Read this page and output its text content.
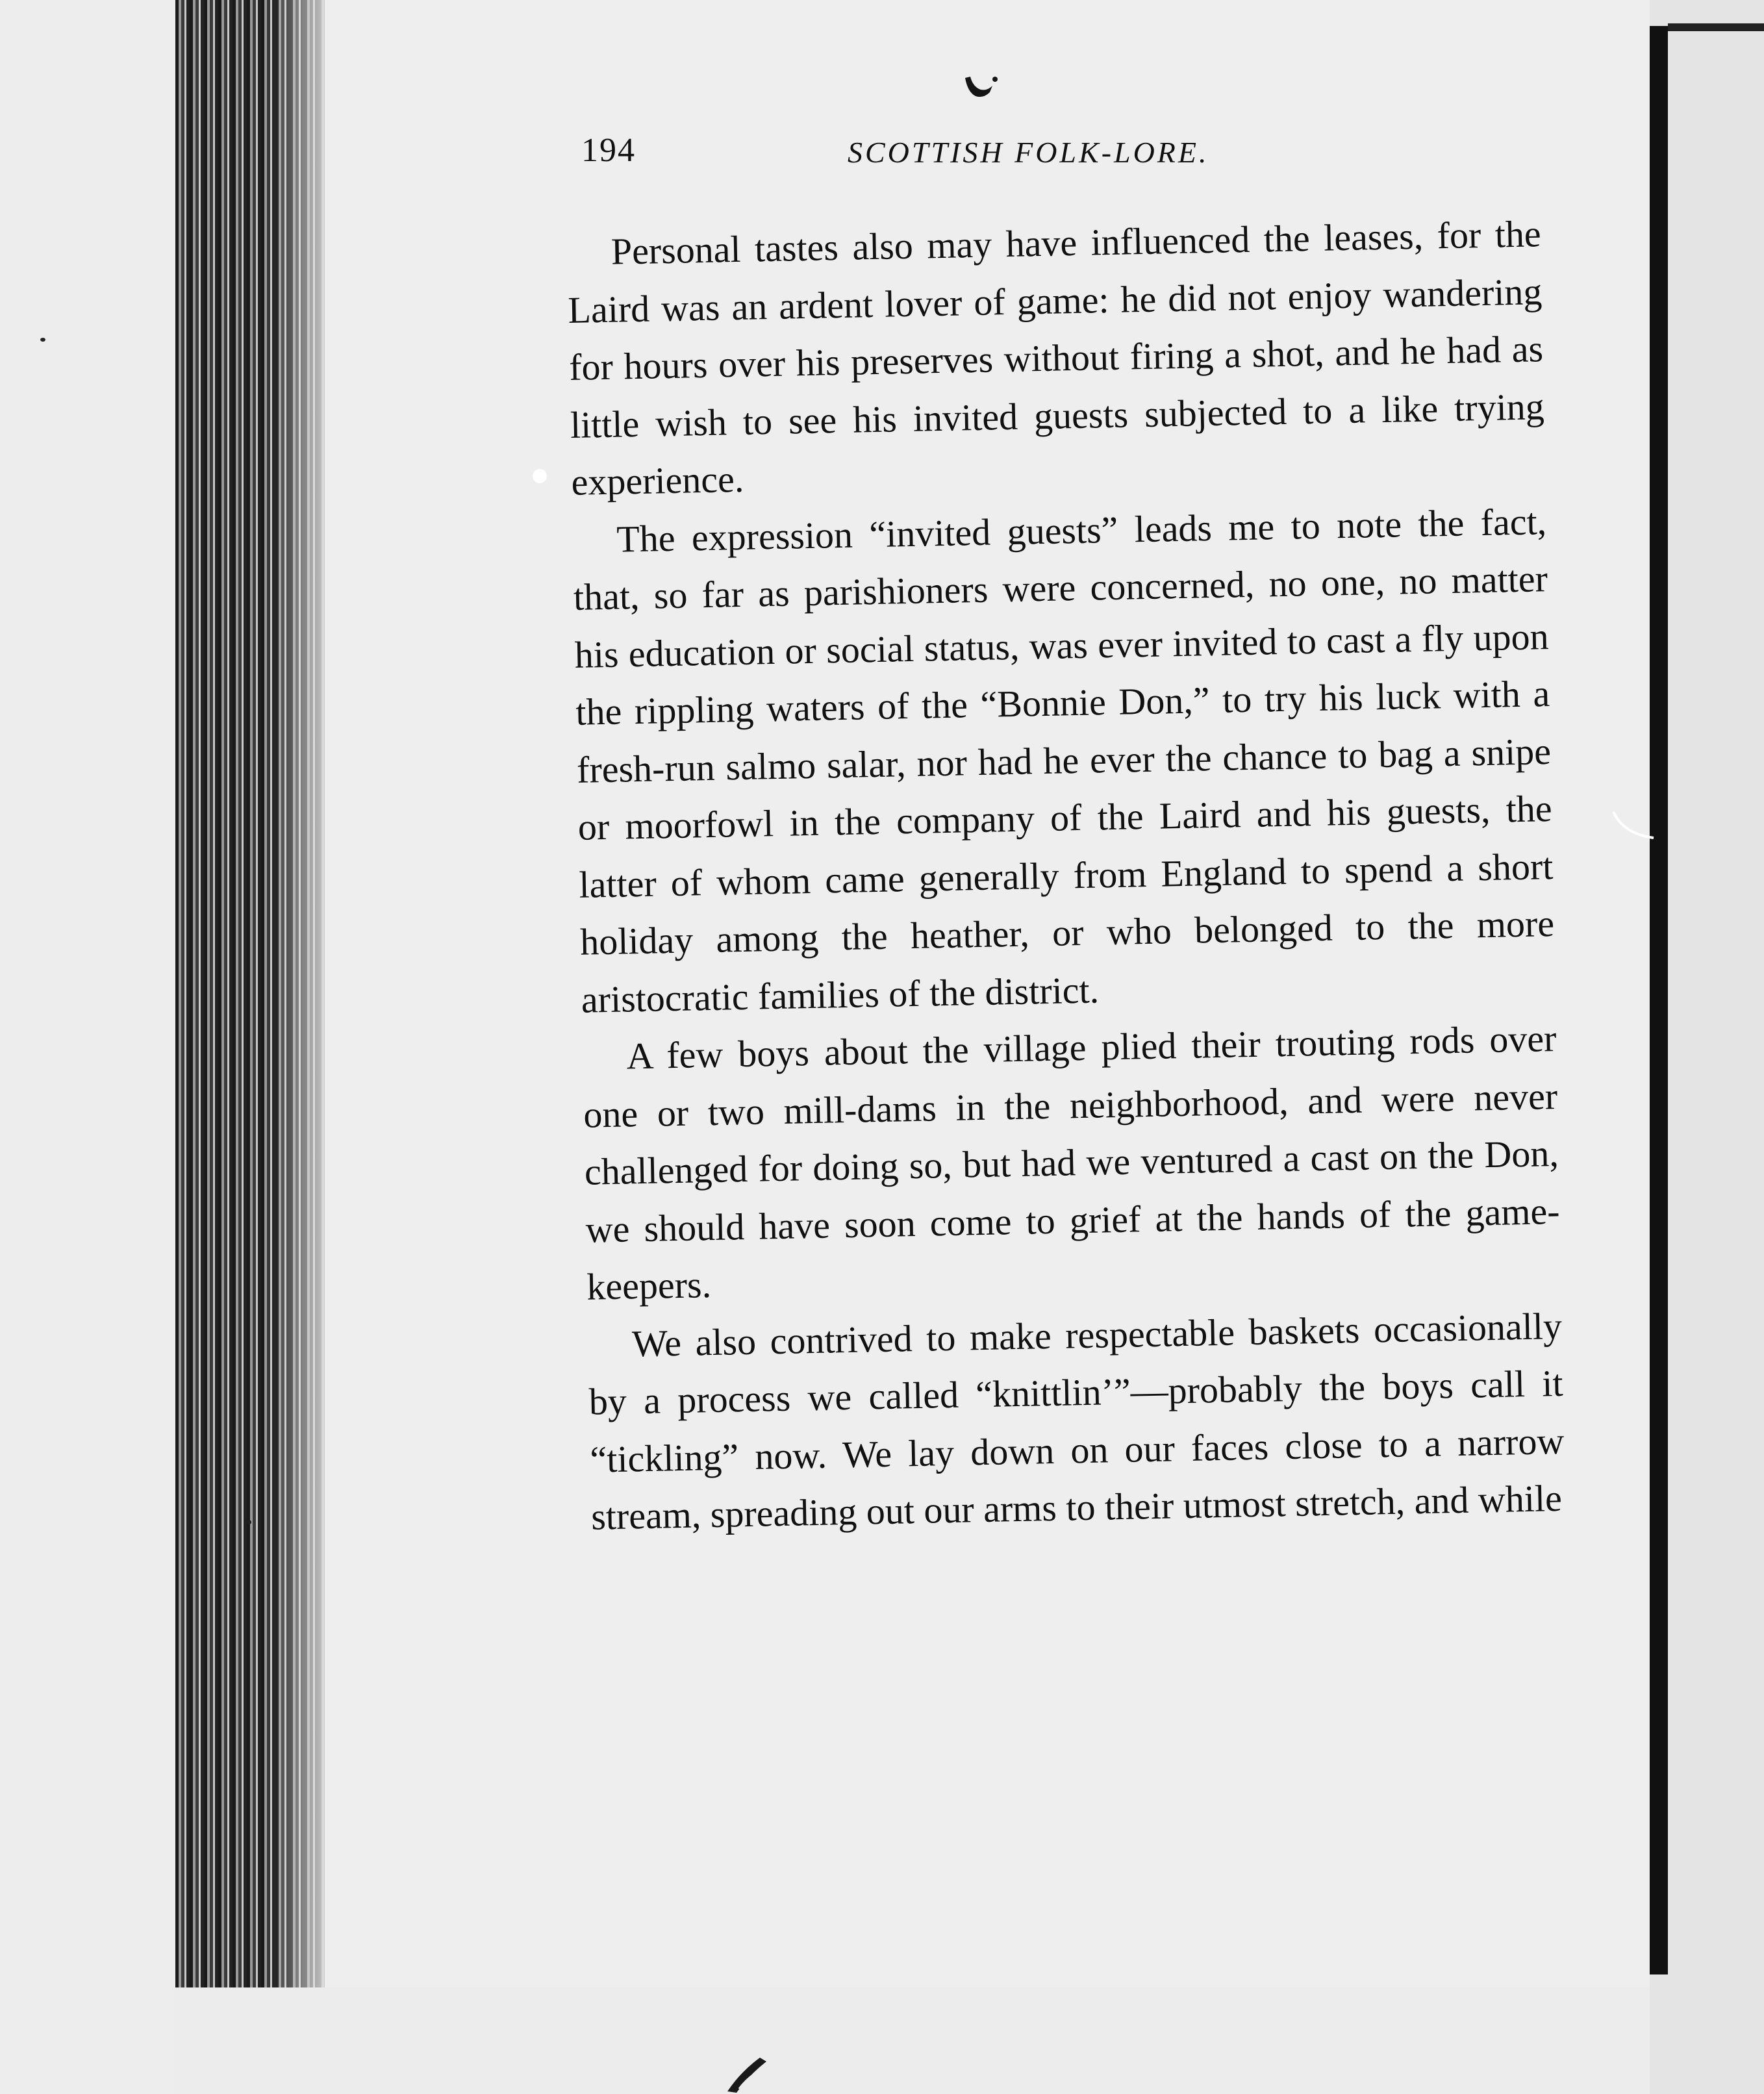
194	SCOTTISH FOLK-LORE.

Personal tastes also may have influenced the leases, for the Laird was an ardent lover of game: he did not enjoy wandering for hours over his preserves without firing a shot, and he had as little wish to see his invited guests subjected to a like trying experience.

The expression “invited guests” leads me to note the fact, that, so far as parishioners were concerned, no one, no matter his education or social status, was ever invited to cast a fly upon the rippling waters of the “Bonnie Don,” to try his luck with a fresh-run salmo salar, nor had he ever the chance to bag a snipe or moorfowl in the company of the Laird and his guests, the latter of whom came generally from England to spend a short holiday among the heather, or who belonged to the more aristocratic families of the district.

A few boys about the village plied their trouting rods over one or two mill-dams in the neighborhood, and were never challenged for doing so, but had we ventured a cast on the Don, we should have soon come to grief at the hands of the game-keepers.

We also contrived to make respectable baskets occasionally by a process we called “knittlin’”—probably the boys call it “tickling” now. We lay down on our faces close to a narrow stream, spreading out our arms to their utmost stretch, and while
